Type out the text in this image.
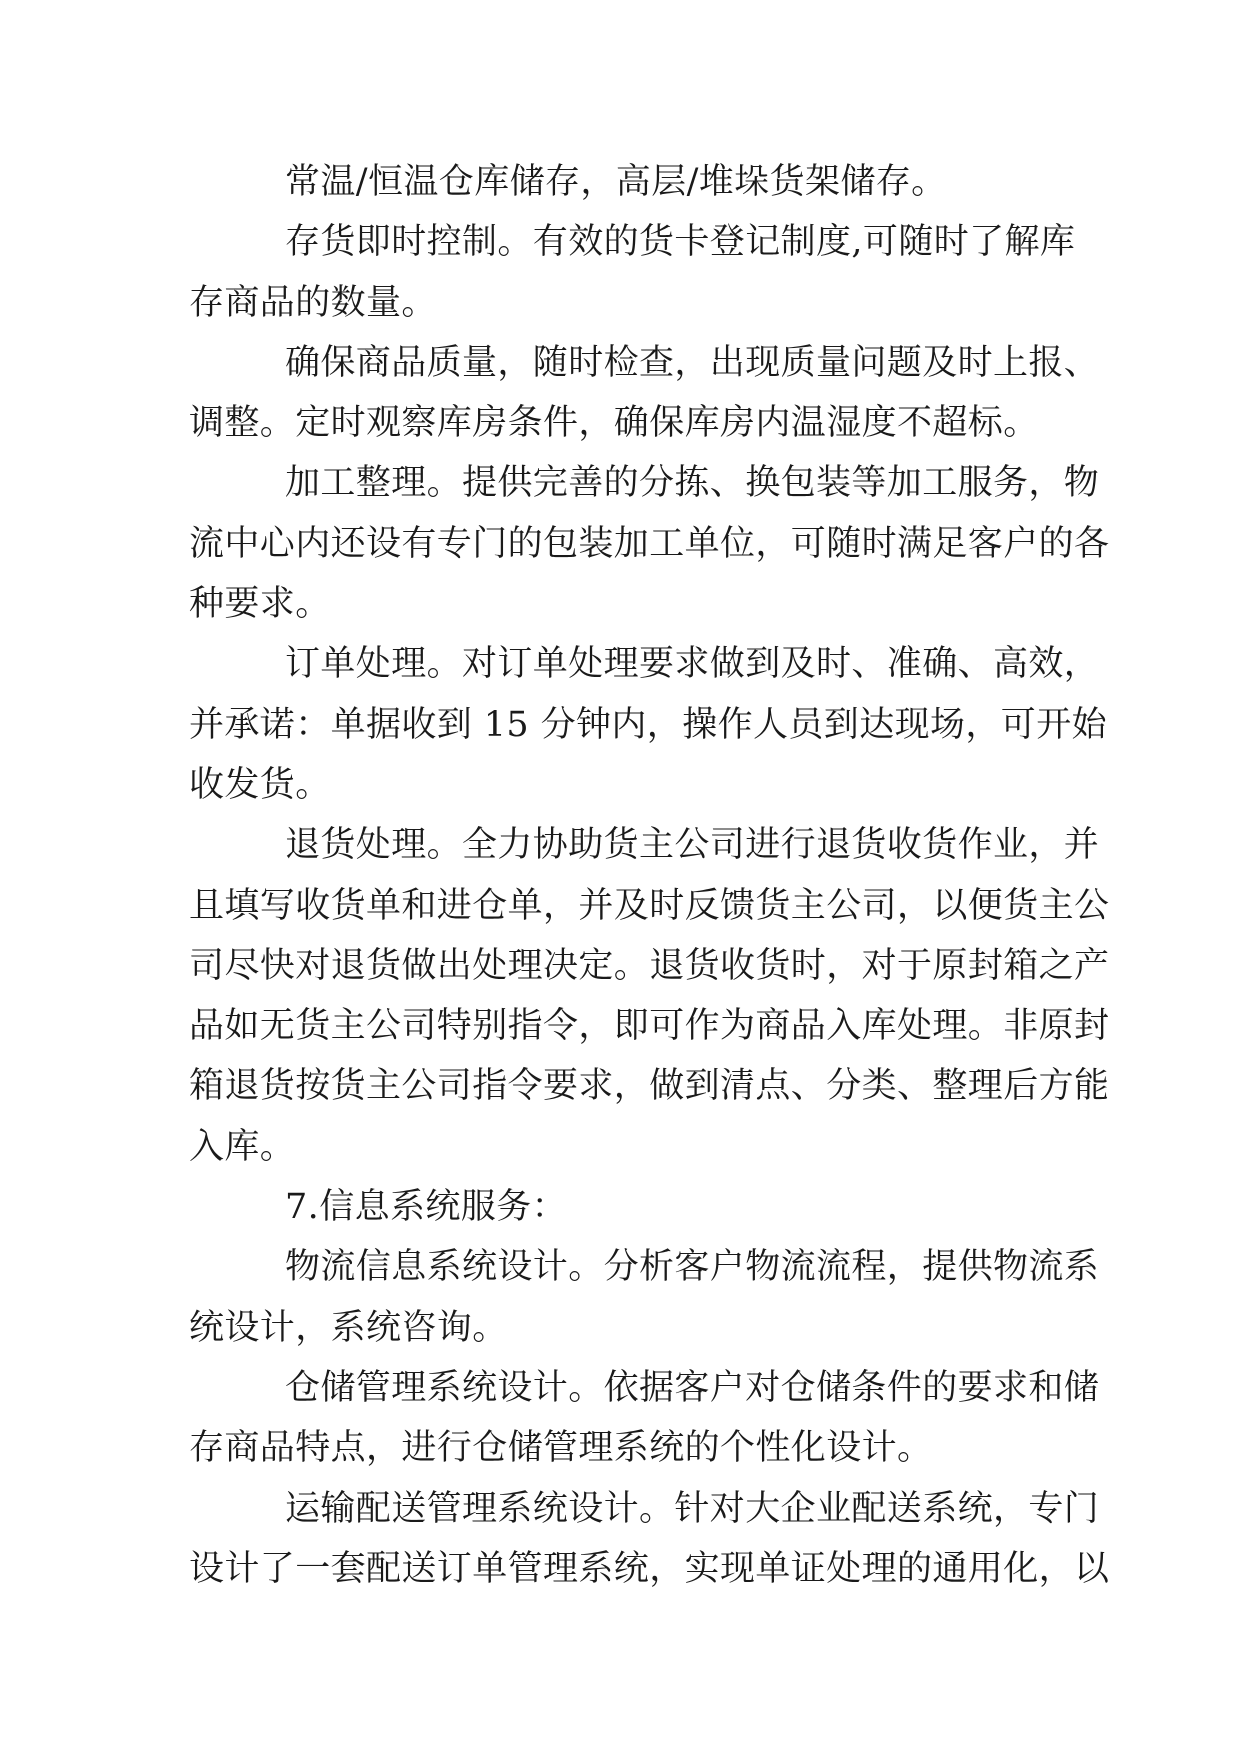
常温/恒温仓库储存，高层/堆垛货架储存。

存货即时控制。有效的货卡登记制度,可随时了解库
存商品的数量。

确保商品质量，随时检查，出现质量问题及时上报、
调整。定时观察库房条件，确保库房内温湿度不超标。

加工整理。提供完善的分拣、换包装等加工服务，物
流中心内还设有专门的包装加工单位，可随时满足客户的各
种要求。

订单处理。对订单处理要求做到及时、准确、高效，
并承诺：单据收到 15 分钟内，操作人员到达现场，可开始
收发货。

退货处理。全力协助货主公司进行退货收货作业，并
且填写收货单和进仓单，并及时反馈货主公司，以便货主公
司尽快对退货做出处理决定。退货收货时，对于原封箱之产
品如无货主公司特别指令，即可作为商品入库处理。非原封
箱退货按货主公司指令要求，做到清点、分类、整理后方能
入库。

7.信息系统服务：

物流信息系统设计。分析客户物流流程，提供物流系
统设计，系统咨询。

仓储管理系统设计。依据客户对仓储条件的要求和储
存商品特点，进行仓储管理系统的个性化设计。

运输配送管理系统设计。针对大企业配送系统，专门
设计了一套配送订单管理系统，实现单证处理的通用化，以
